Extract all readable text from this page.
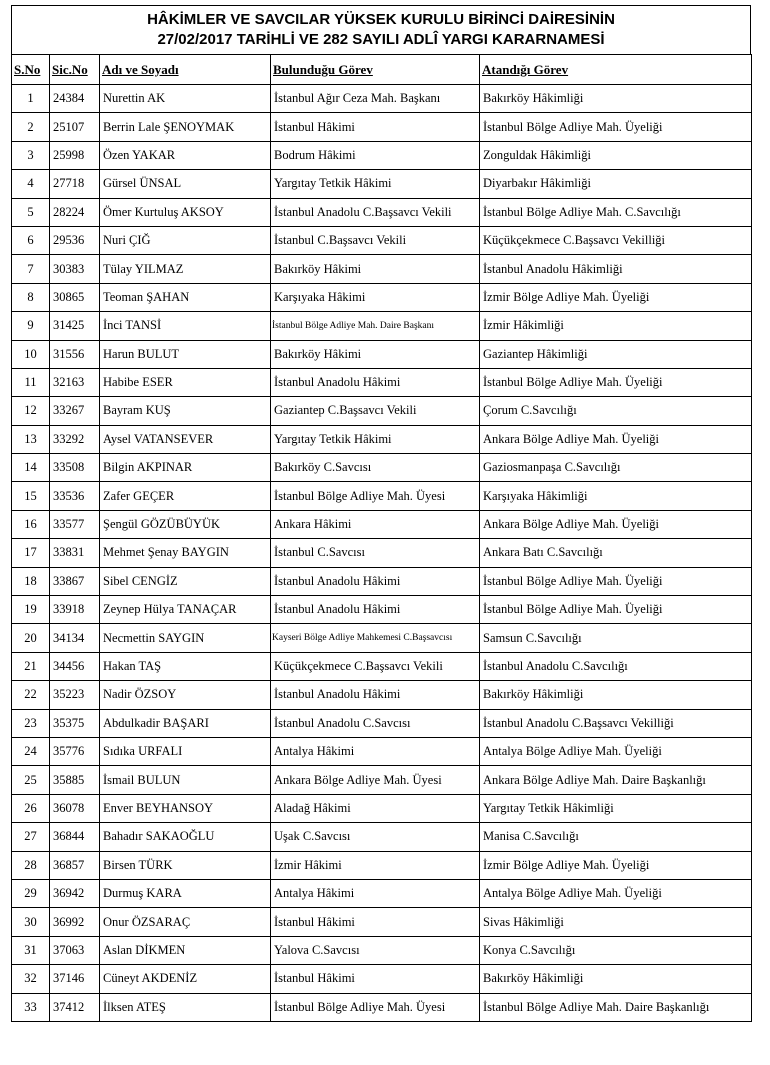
HÂKİMLER VE SAVCILAR YÜKSEK KURULU BİRİNCİ DAİRESİNİN
27/02/2017 TARİHLİ VE 282 SAYILI ADLÎ YARGI KARARNAMESİ
S.No	Sic.No	Adı ve Soyadı	Bulunduğu Görev	Atandığı Görev
1	24384	Nurettin AK	İstanbul Ağır Ceza Mah. Başkanı	Bakırköy Hâkimliği
2	25107	Berrin Lale ŞENOYMAK	İstanbul Hâkimi	İstanbul Bölge Adliye Mah. Üyeliği
3	25998	Özen YAKAR	Bodrum Hâkimi	Zonguldak Hâkimliği
4	27718	Gürsel ÜNSAL	Yargıtay Tetkik Hâkimi	Diyarbakır Hâkimliği
5	28224	Ömer Kurtuluş AKSOY	İstanbul Anadolu C.Başsavcı Vekili	İstanbul Bölge Adliye Mah. C.Savcılığı
6	29536	Nuri ÇIĞ	İstanbul C.Başsavcı Vekili	Küçükçekmece C.Başsavcı Vekilliği
7	30383	Tülay YILMAZ	Bakırköy Hâkimi	İstanbul Anadolu Hâkimliği
8	30865	Teoman ŞAHAN	Karşıyaka Hâkimi	İzmir Bölge Adliye Mah. Üyeliği
9	31425	İnci TANSİ	İstanbul Bölge Adliye Mah. Daire Başkanı	İzmir Hâkimliği
10	31556	Harun BULUT	Bakırköy Hâkimi	Gaziantep Hâkimliği
11	32163	Habibe ESER	İstanbul Anadolu Hâkimi	İstanbul Bölge Adliye Mah. Üyeliği
12	33267	Bayram KUŞ	Gaziantep C.Başsavcı Vekili	Çorum C.Savcılığı
13	33292	Aysel VATANSEVER	Yargıtay Tetkik Hâkimi	Ankara Bölge Adliye Mah. Üyeliği
14	33508	Bilgin AKPINAR	Bakırköy C.Savcısı	Gaziosmanpaşa C.Savcılığı
15	33536	Zafer GEÇER	İstanbul Bölge Adliye Mah. Üyesi	Karşıyaka Hâkimliği
16	33577	Şengül GÖZÜBÜYÜK	Ankara Hâkimi	Ankara Bölge Adliye Mah. Üyeliği
17	33831	Mehmet Şenay BAYGIN	İstanbul C.Savcısı	Ankara Batı C.Savcılığı
18	33867	Sibel CENGİZ	İstanbul Anadolu Hâkimi	İstanbul Bölge Adliye Mah. Üyeliği
19	33918	Zeynep Hülya TANAÇAR	İstanbul Anadolu Hâkimi	İstanbul Bölge Adliye Mah. Üyeliği
20	34134	Necmettin SAYGIN	Kayseri Bölge Adliye Mahkemesi C.Başsavcısı	Samsun C.Savcılığı
21	34456	Hakan TAŞ	Küçükçekmece C.Başsavcı Vekili	İstanbul Anadolu C.Savcılığı
22	35223	Nadir ÖZSOY	İstanbul Anadolu Hâkimi	Bakırköy Hâkimliği
23	35375	Abdulkadir BAŞARI	İstanbul Anadolu C.Savcısı	İstanbul Anadolu C.Başsavcı Vekilliği
24	35776	Sıdıka URFALI	Antalya Hâkimi	Antalya Bölge Adliye Mah. Üyeliği
25	35885	İsmail BULUN	Ankara Bölge Adliye Mah. Üyesi	Ankara Bölge Adliye Mah. Daire Başkanlığı
26	36078	Enver BEYHANSOY	Aladağ Hâkimi	Yargıtay Tetkik Hâkimliği
27	36844	Bahadır SAKAOĞLU	Uşak C.Savcısı	Manisa C.Savcılığı
28	36857	Birsen TÜRK	İzmir Hâkimi	İzmir Bölge Adliye Mah. Üyeliği
29	36942	Durmuş KARA	Antalya Hâkimi	Antalya Bölge Adliye Mah. Üyeliği
30	36992	Onur ÖZSARAÇ	İstanbul Hâkimi	Sivas Hâkimliği
31	37063	Aslan DİKMEN	Yalova C.Savcısı	Konya C.Savcılığı
32	37146	Cüneyt AKDENİZ	İstanbul Hâkimi	Bakırköy Hâkimliği
33	37412	İlksen ATEŞ	İstanbul Bölge Adliye Mah. Üyesi	İstanbul Bölge Adliye Mah. Daire Başkanlığı
